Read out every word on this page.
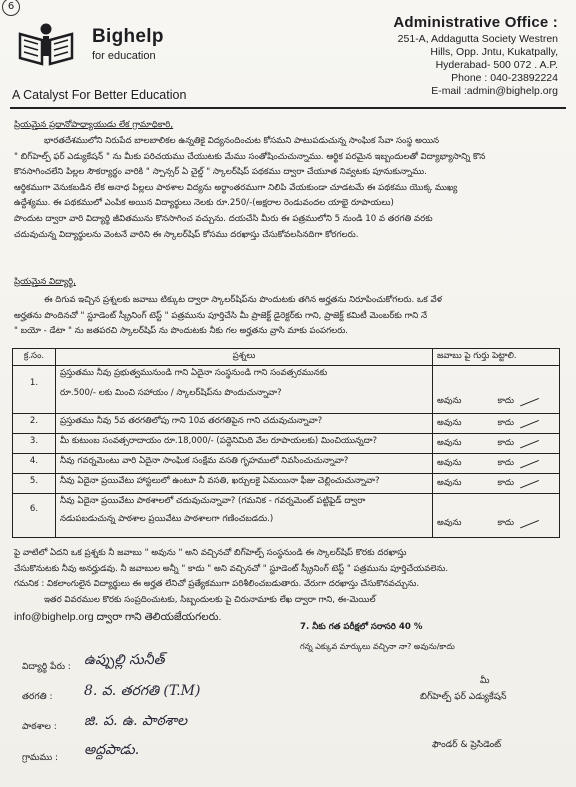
6
Bighelp
for education
A Catalyst For Better Education
Administrative Office :
251-A, Addagutta Society Westren
Hills, Opp. Jntu, Kukatpally,
Hyderabad- 500 072 . A.P.
Phone : 040-23892224
E-mail :admin@bighelp.org
ప్రియమైన ప్రధానోపాధ్యాయుడు లేక గ్రామాధికారి,
భారతదేశములోని నిరుపేద బాలబాలికల ఉన్నతికై విద్యనందించుట కోసమని పాటుపడుచున్న సాంఘిక సేవా సంస్థ అయిన
" బిగ్‌హెల్ప్ ఫర్ ఎడ్యుకేషన్ " ను మీకు పరిచయము చేయుటకు మేము సంతోషించుచున్నాము. ఆర్థిక పరమైన ఇబ్బందులతో విద్యాభ్యాసాన్ని కొన
కొనసాగించలేని పిల్లల సౌకర్యార్థం వారికి " స్పాన్సర్ ఏ చైల్డ్ " స్కాలర్‌షిప్ పథకము ద్వారా చేయూత నివ్వటకు పూనుకున్నాము.
ఆర్థికముగా వెనుకబడిన లేక అనాధ పిల్లలు పాఠశాల విద్యను అర్థాంతరముగా నిలిపి వేయకుండా చూడటమే ఈ పథకము యొక్క ముఖ్య
ఉద్దేశ్యము. ఈ పథకములో ఎంపిక అయిన విద్యార్థులు నెలకు రూ.250/-(అక్షరాల రెండువందల యాభై రూపాయలు)
పొందుట ద్వారా వారి విద్యార్థి జీవితమును కొనసాగించ వచ్చును. దయచేసి మీరు ఈ పత్రములోని 5 నుండి 10 వ తరగతి వరకు
చదువుచున్న విద్యార్థులను వెంటనే వారిని ఈ స్కాలర్‌షిప్ కోసము దరఖాస్తు చేసుకోవలసినదిగా కోరగలరు.
ప్రియమైన విద్యార్థి,
ఈ దిగువ ఇచ్చిన ప్రశ్నలకు జవాబు టిక్కుట ద్వారా స్కాలర్‌షిప్‌ను పొందుటకు తగిన అర్హతను నిరూపించుకోగలరు. ఒక వేళ
అర్హతను పొందినచో " స్టూడెంట్ స్క్రీనింగ్ టెస్ట్ " పత్రమును పూర్తిచేసి మీ ప్రాజెక్ట్ డైరెక్టర్‌కు గాని, ప్రాజెక్ట్ కమిటీ మెంబర్‌కు గాని నే
" బయో - డేటా " ను జతపరచి స్కాలర్‌షిప్ ను పొందుటకు నీకు గల అర్హతను వ్రాసి మాకు పంపగలరు.
క్ర.సం.	ప్రశ్నలు	జవాబు పై గుర్తు పెట్టాలి.
1.	ప్రస్తుతము నీవు ప్రభుత్వమునుండి గాని ఏదైనా సంస్థనుండి గాని సంవత్సరమునకు
రూ.500/- లకు మించి సహాయం / స్కాలర్‌షిప్‌ను పొందుచున్నావా?	అవును కాదు

2.	ప్రస్తుతము నీవు 5వ తరగతిలోపు గాని 10వ తరగతిపైన గాని చదువుచున్నావా?	అవును కాదు
3.	మీ కుటుంబ సంవత్సరాదాయం రూ.18,000/- (పద్దెనిమిది వేల రూపాయలకు) మించియున్నదా?	అవును కాదు
4.	నీవు గవర్నమెంటు వారి ఏదైనా సాంఘిక సంక్షేమ వసతి గృహములో నివసించుచున్నావా?	అవును కాదు
5.	నీవు ఏదైనా ప్రయివేటు హాస్టలులో ఉంటూ నీ వసతి, ఖర్చులకై ఏమయినా ఫీజు చెల్లించుచున్నావా?	అవును కాదు
6.	నీవు ఏదైనా ప్రయివేటు పాఠశాలలో చదువుచున్నావా? (గమనిక - గవర్నమెంట్ పట్టిఫైడ్ ద్వారా
నడుపబడుచున్న పాఠశాల ప్రయివేటు పాఠశాలగా గణించబడదు.)	అవును కాదు
పై వాటిలో ఏదని ఒక ప్రశ్నకు నీ జవాబు " అవును " అని వచ్చినచో బిగ్‌హెల్ప్ సంస్థనుండి ఈ స్కాలర్‌షిప్ కొరకు దరఖాస్తు
చేసుకొనుటకు నీవు అనర్హుడవు. నీ జవాబుల అన్నీ " కాదు " అని వచ్చినచో " స్టూడెంట్ స్క్రీనింగ్ టెస్ట్ " పత్రమును పూర్తిచేయవలెను.
గమనిక : వికలాంగులైన విద్యార్థులు ఈ అర్హత లేనిచో ప్రత్యేకముగా పరిశీలించబడుతారు. వేరుగా దరఖాస్తు చేసుకొనవచ్చును.
ఇతర వివరముల కొరకు సంప్రదించుటకు, సిబ్బందులకు పై చిరునామాకు లేఖ ద్వారా గాని, ఈ-మెయిల్
info@bighelp.org ద్వారా గాని తెలియజేయగలరు.
7. నీకు గత పరీక్షలో సరాసరి 40 %
గన్న ఎక్కువ మార్కులు వచ్చినా నా? అవును/కాదు
విద్యార్థి పేరు : ఉప్పుల్లి సునీత్
తరగతి : 8. వ. తరగతి (T.M)
పాఠశాల : జి. ప. ఉ. పాఠశాల
గ్రామము : అద్దపాడు.
మీ
బిగ్‌హెల్ప్ ఫర్ ఎడ్యుకేషన్
ఫౌండర్ & ప్రెసిడెంట్
